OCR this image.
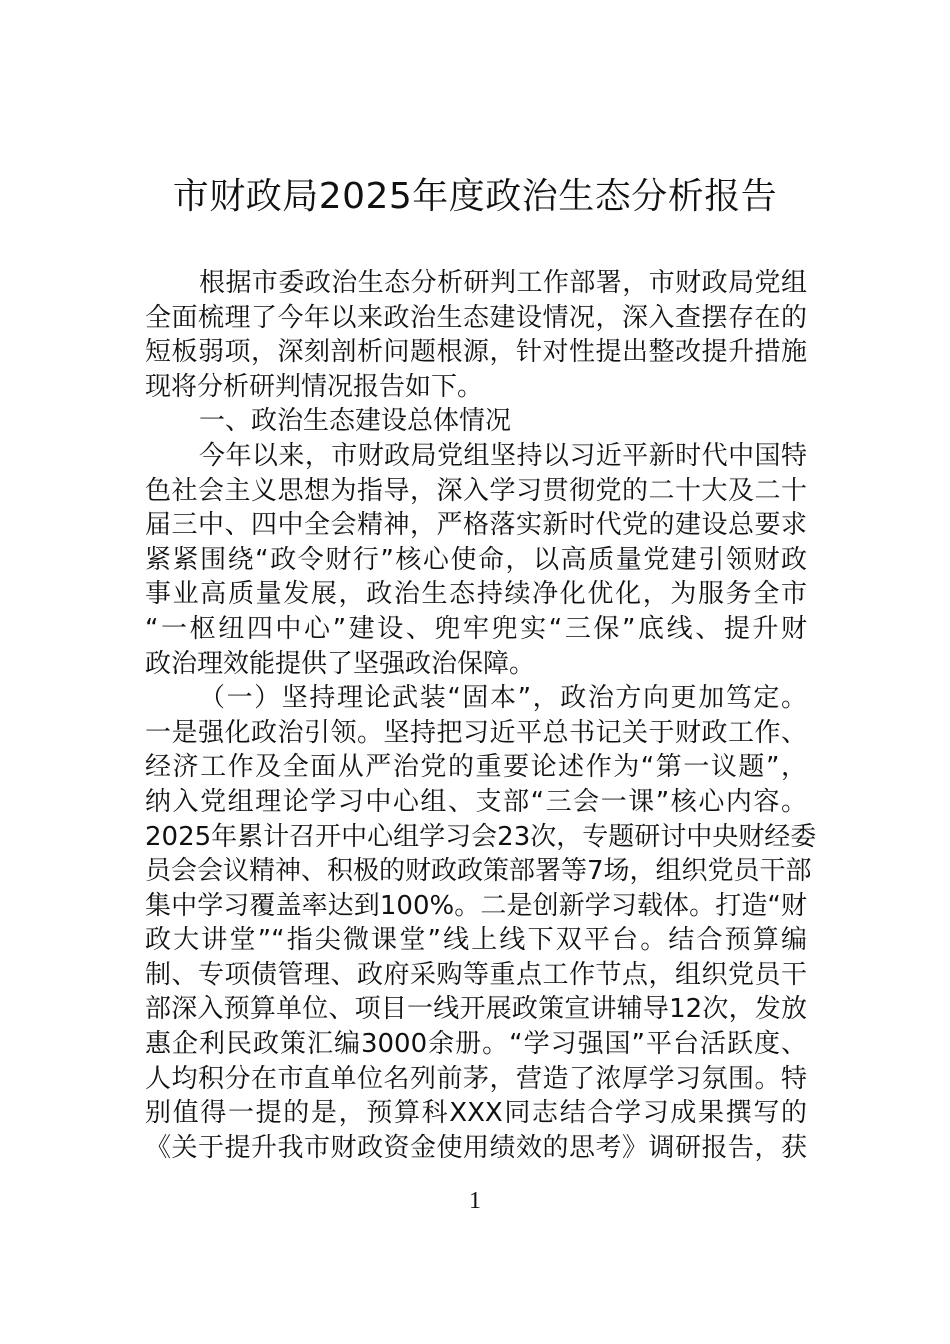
市财政局2025年度政治生态分析报告
根据市委政治生态分析研判工作部署，市财政局党组
全面梳理了今年以来政治生态建设情况，深入查摆存在的
短板弱项，深刻剖析问题根源，针对性提出整改提升措施
现将分析研判情况报告如下。
一、政治生态建设总体情况
今年以来，市财政局党组坚持以习近平新时代中国特
色社会主义思想为指导，深入学习贯彻党的二十大及二十
届三中、四中全会精神，严格落实新时代党的建设总要求
紧紧围绕“政令财行”核心使命，以高质量党建引领财政
事业高质量发展，政治生态持续净化优化，为服务全市
“一枢纽四中心”建设、兜牢兜实“三保”底线、提升财
政治理效能提供了坚强政治保障。
（一）坚持理论武装“固本”，政治方向更加笃定。
一是强化政治引领。坚持把习近平总书记关于财政工作、
经济工作及全面从严治党的重要论述作为“第一议题”，
纳入党组理论学习中心组、支部“三会一课”核心内容。
2025年累计召开中心组学习会23次，专题研讨中央财经委
员会会议精神、积极的财政政策部署等7场，组织党员干部
集中学习覆盖率达到100%。二是创新学习载体。打造“财
政大讲堂”“指尖微课堂”线上线下双平台。结合预算编
制、专项债管理、政府采购等重点工作节点，组织党员干
部深入预算单位、项目一线开展政策宣讲辅导12次，发放
惠企利民政策汇编3000余册。“学习强国”平台活跃度、
人均积分在市直单位名列前茅，营造了浓厚学习氛围。特
别值得一提的是，预算科XXX同志结合学习成果撰写的
《关于提升我市财政资金使用绩效的思考》调研报告，获
1
